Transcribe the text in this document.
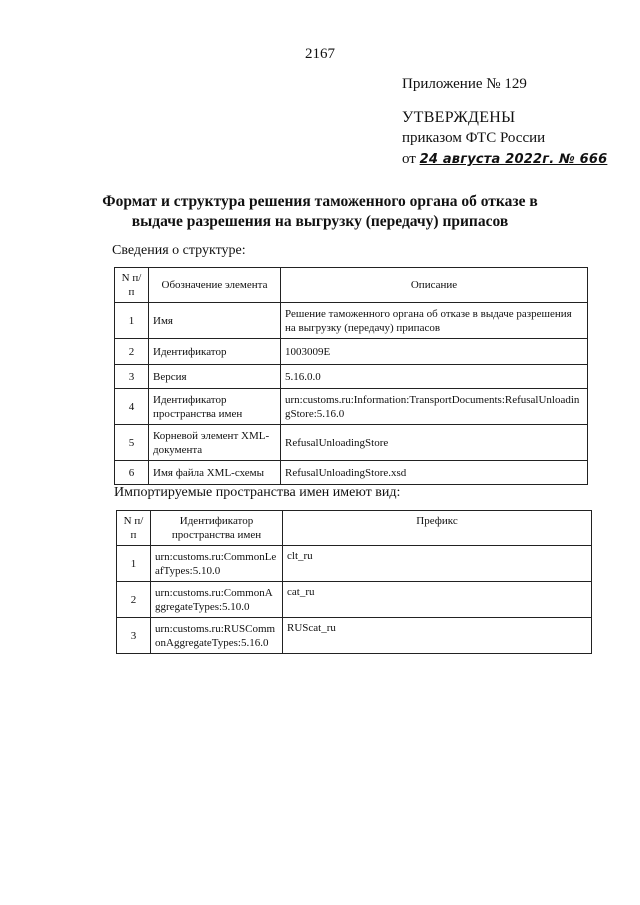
2167
Приложение № 129
УТВЕРЖДЕНЫ
приказом ФТС России
от 24 августа 2022г. № 666
Формат и структура решения таможенного органа об отказе в выдаче разрешения на выгрузку (передачу) припасов
Сведения о структуре:
N п/п	Обозначение элемента	Описание
1	Имя	Решение таможенного органа об отказе в выдаче разрешения на выгрузку (передачу) припасов
2	Идентификатор	1003009E
3	Версия	5.16.0.0
4	Идентификатор пространства имен	urn:customs.ru:Information:TransportDocuments:RefusalUnloadingStore:5.16.0
5	Корневой элемент XML-документа	RefusalUnloadingStore
6	Имя файла XML-схемы	RefusalUnloadingStore.xsd
Импортируемые пространства имен имеют вид:
N п/п	Идентификатор пространства имен	Префикс
1	urn:customs.ru:CommonLeafTypes:5.10.0	clt_ru
2	urn:customs.ru:CommonAggregateTypes:5.10.0	cat_ru
3	urn:customs.ru:RUSCommonAggregateTypes:5.16.0	RUScat_ru
